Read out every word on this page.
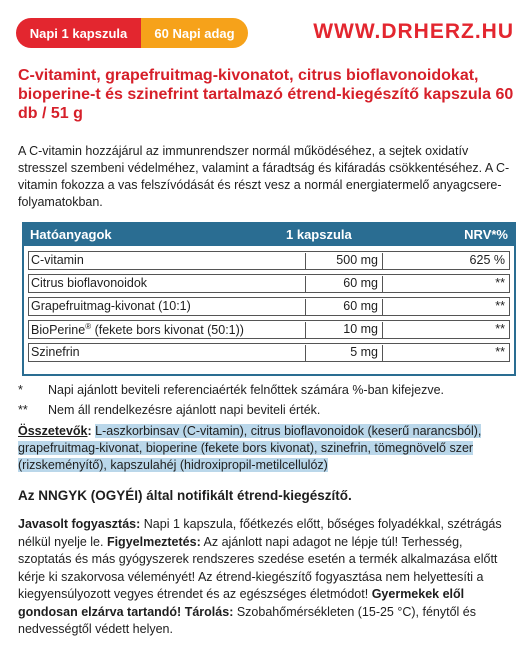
Napi 1 kapszula	60 Napi adag	WWW.DRHERZ.HU
C-vitamint, grapefruitmag-kivonatot, citrus bioflavonoidokat, bioperine-t és szinefrint tartalmazó étrend-kiegészítő kapszula 60 db / 51 g
A C-vitamin hozzájárul az immunrendszer normál működéséhez, a sejtek oxidatív stresszel szembeni védelméhez, valamint a fáradtság és kifáradás csökkentéséhez. A C-vitamin fokozza a vas felszívódását és részt vesz a normál energiatermelő anyagcsere-folyamatokban.
Hatóanyagok	1 kapszula	NRV*%
C-vitamin	500 mg	625 %
Citrus bioflavonoidok	60 mg	**
Grapefruitmag-kivonat (10:1)	60 mg	**
BioPerine® (fekete bors kivonat (50:1))	10 mg	**
Szinefrin	5 mg	**
*	Napi ajánlott beviteli referenciaérték felnőttek számára %-ban kifejezve.
**	Nem áll rendelkezésre ajánlott napi beviteli érték.
Összetevők: L-aszkorbinsav (C-vitamin), citrus bioflavonoidok (keserű narancsból), grapefruitmag-kivonat, bioperine (fekete bors kivonat), szinefrin, tömegnövelő szer (rizskeményítő), kapszulahéj (hidroxipropil-metilcellulóz)
Az NNGYK (OGYÉI) által notifikált étrend-kiegészítő.
Javasolt fogyasztás: Napi 1 kapszula, főétkezés előtt, bőséges folyadékkal, szétrágás nélkül nyelje le. Figyelmeztetés: Az ajánlott napi adagot ne lépje túl! Terhesség, szoptatás és más gyógyszerek rendszeres szedése esetén a termék alkalmazása előtt kérje ki szakorvosa véleményét! Az étrend-kiegészítő fogyasztása nem helyettesíti a kiegyensúlyozott vegyes étrendet és az egészséges életmódot! Gyermekek elől gondosan elzárva tartandó! Tárolás: Szobahőmérsékleten (15-25 °C), fénytől és nedvességtől védett helyen.
